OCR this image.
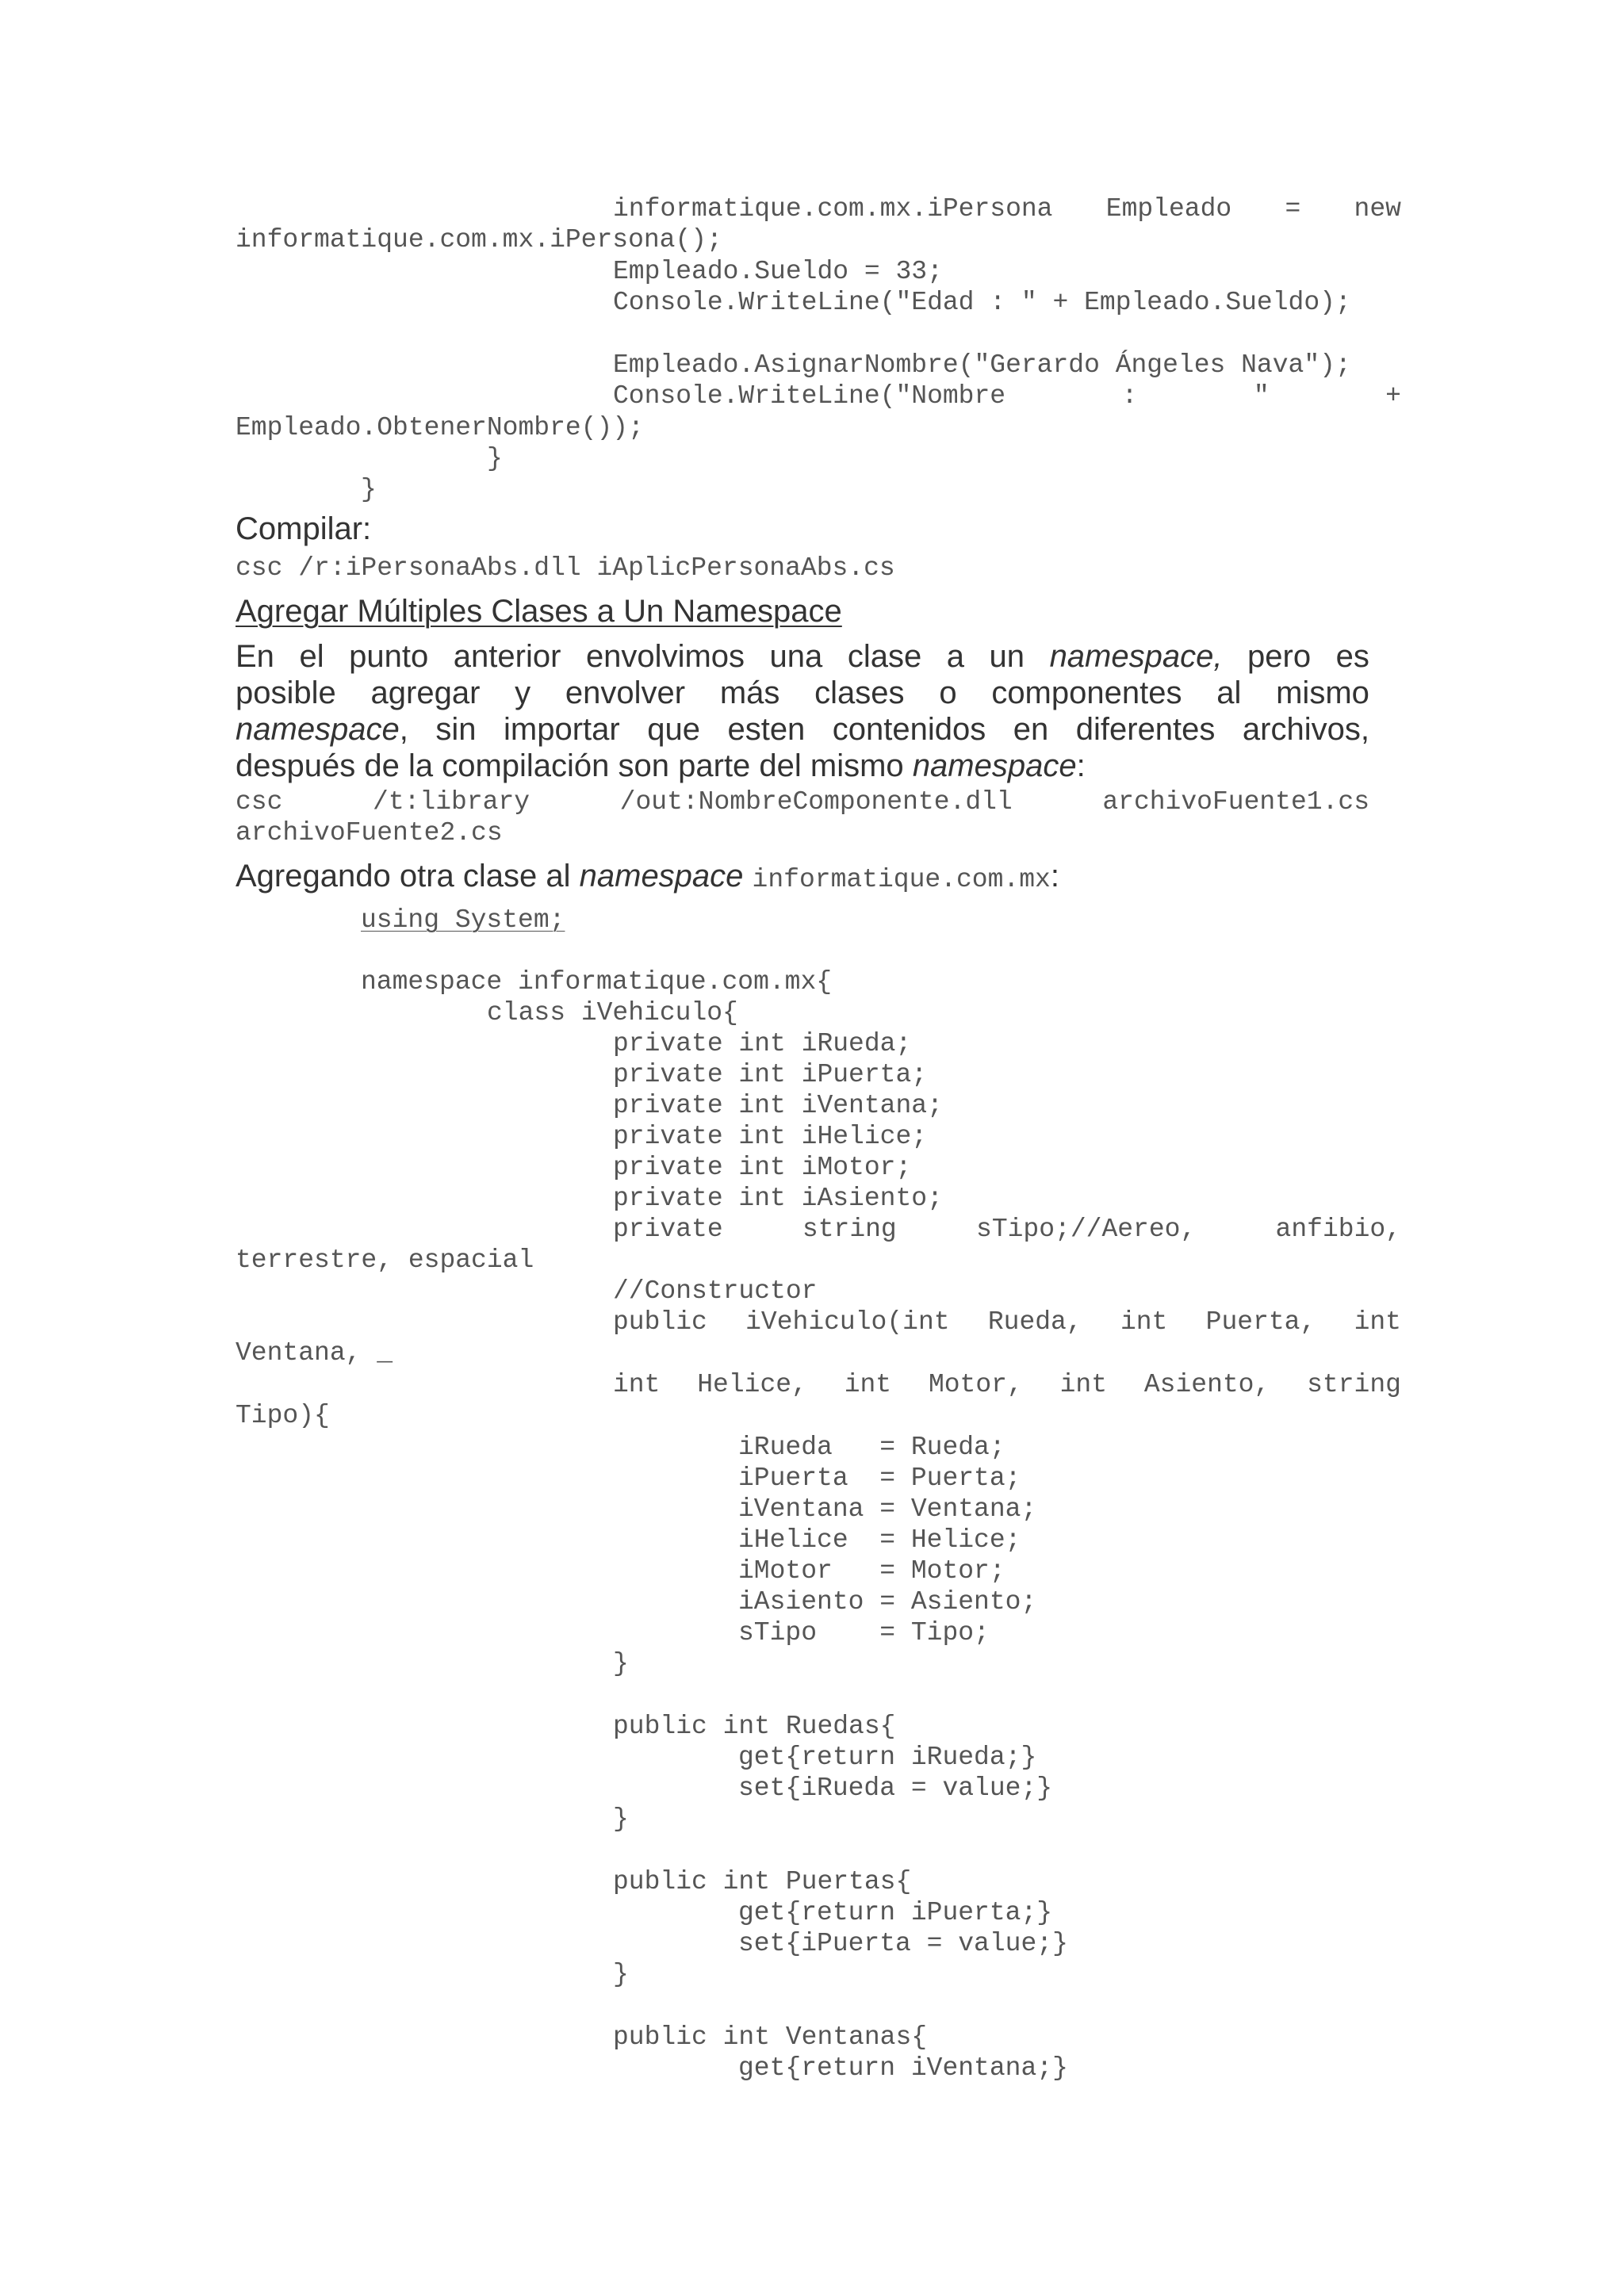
informatique.com.mx.iPersona Empleado = new
informatique.com.mx.iPersona();
Empleado.Sueldo = 33;
Console.WriteLine("Edad : " + Empleado.Sueldo);
Empleado.AsignarNombre("Gerardo Ángeles Nava");
Console.WriteLine("Nombre	:	"	+
Empleado.ObtenerNombre());
}
}
Compilar:
csc /r:iPersonaAbs.dll iAplicPersonaAbs.cs
Agregar Múltiples Clases a Un Namespace
En el punto anterior envolvimos una clase a un namespace, pero es
posible agregar y envolver más clases o componentes al mismo
namespace, sin importar que esten contenidos en diferentes archivos,
después de la compilación son parte del mismo namespace:
csc	/t:library	/out:NombreComponente.dll	archivoFuente1.cs
archivoFuente2.cs
Agregando otra clase al namespace informatique.com.mx:
using System;
namespace informatique.com.mx{
class iVehiculo{
private int iRueda;
private int iPuerta;
private int iVentana;
private int iHelice;
private int iMotor;
private int iAsiento;
private	string	sTipo;//Aereo,	anfibio,
terrestre, espacial
//Constructor
public iVehiculo(int Rueda, int Puerta, int
Ventana, _
int Helice, int Motor, int Asiento, string
Tipo){
iRueda   = Rueda;
iPuerta  = Puerta;
iVentana = Ventana;
iHelice  = Helice;
iMotor   = Motor;
iAsiento = Asiento;
sTipo    = Tipo;
}
public int Ruedas{
get{return iRueda;}
set{iRueda = value;}
}
public int Puertas{
get{return iPuerta;}
set{iPuerta = value;}
}
public int Ventanas{
get{return iVentana;}
